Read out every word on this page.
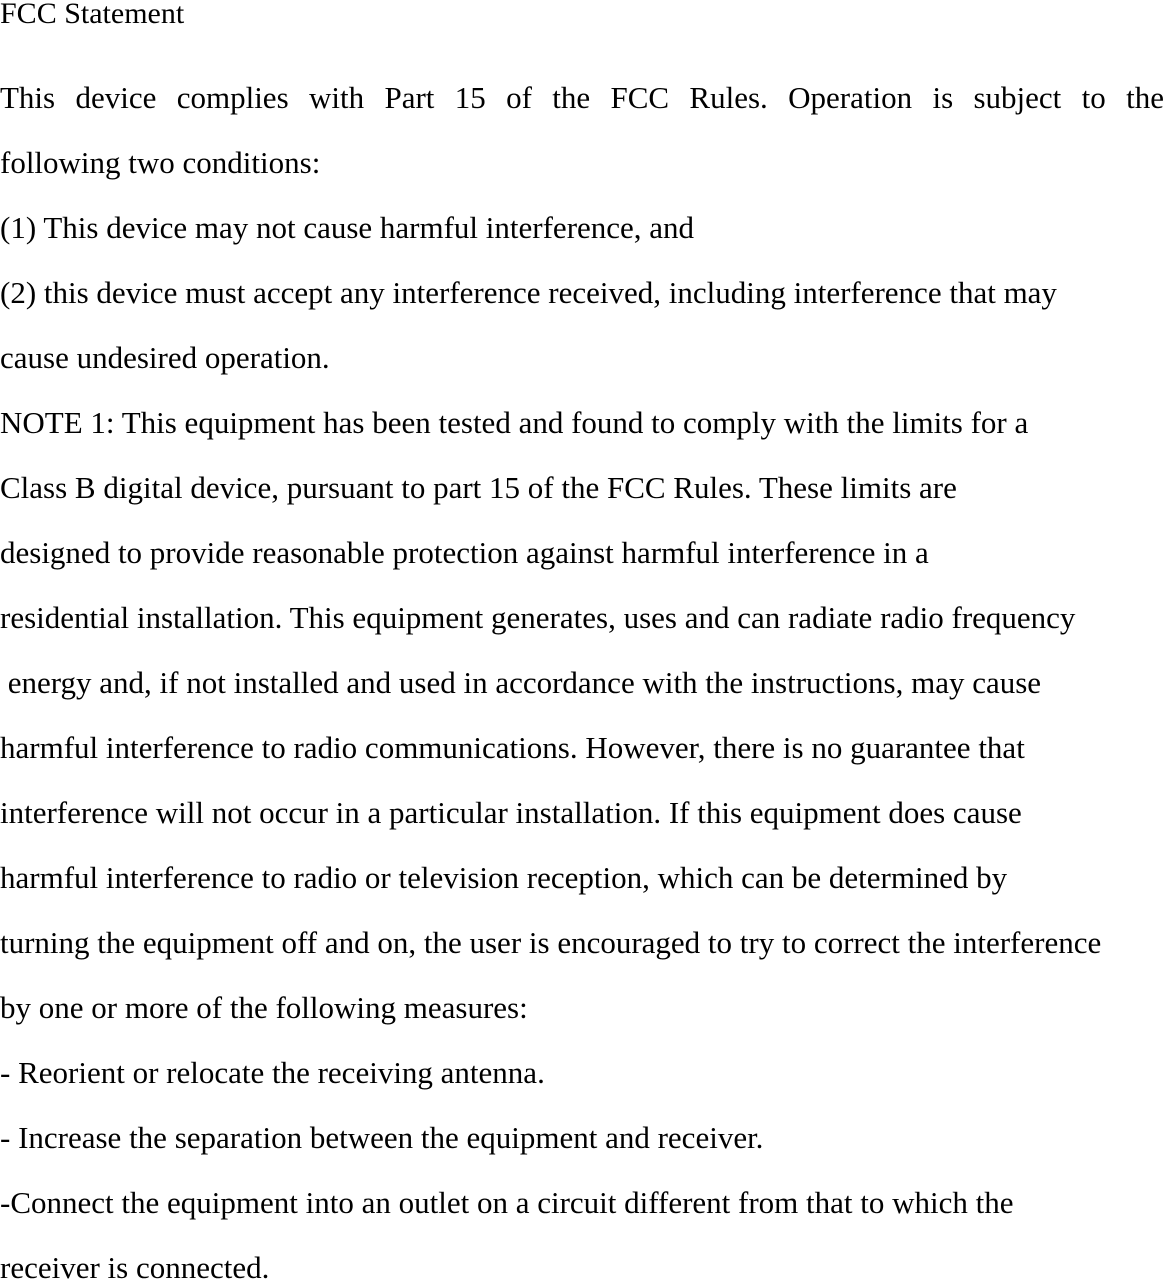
FCC Statement
This device complies with Part 15 of the FCC Rules. Operation is subject to the
following two conditions:
(1) This device may not cause harmful interference, and
(2) this device must accept any interference received, including interference that may
cause undesired operation.
NOTE 1: This equipment has been tested and found to comply with the limits for a
Class B digital device, pursuant to part 15 of the FCC Rules. These limits are
designed to provide reasonable protection against harmful interference in a
residential installation. This equipment generates, uses and can radiate radio frequency
energy and, if not installed and used in accordance with the instructions, may cause
harmful interference to radio communications. However, there is no guarantee that
interference will not occur in a particular installation. If this equipment does cause
harmful interference to radio or television reception, which can be determined by
turning the equipment off and on, the user is encouraged to try to correct the interference
by one or more of the following measures:
- Reorient or relocate the receiving antenna.
- Increase the separation between the equipment and receiver.
-Connect the equipment into an outlet on a circuit different from that to which the
receiver is connected.
